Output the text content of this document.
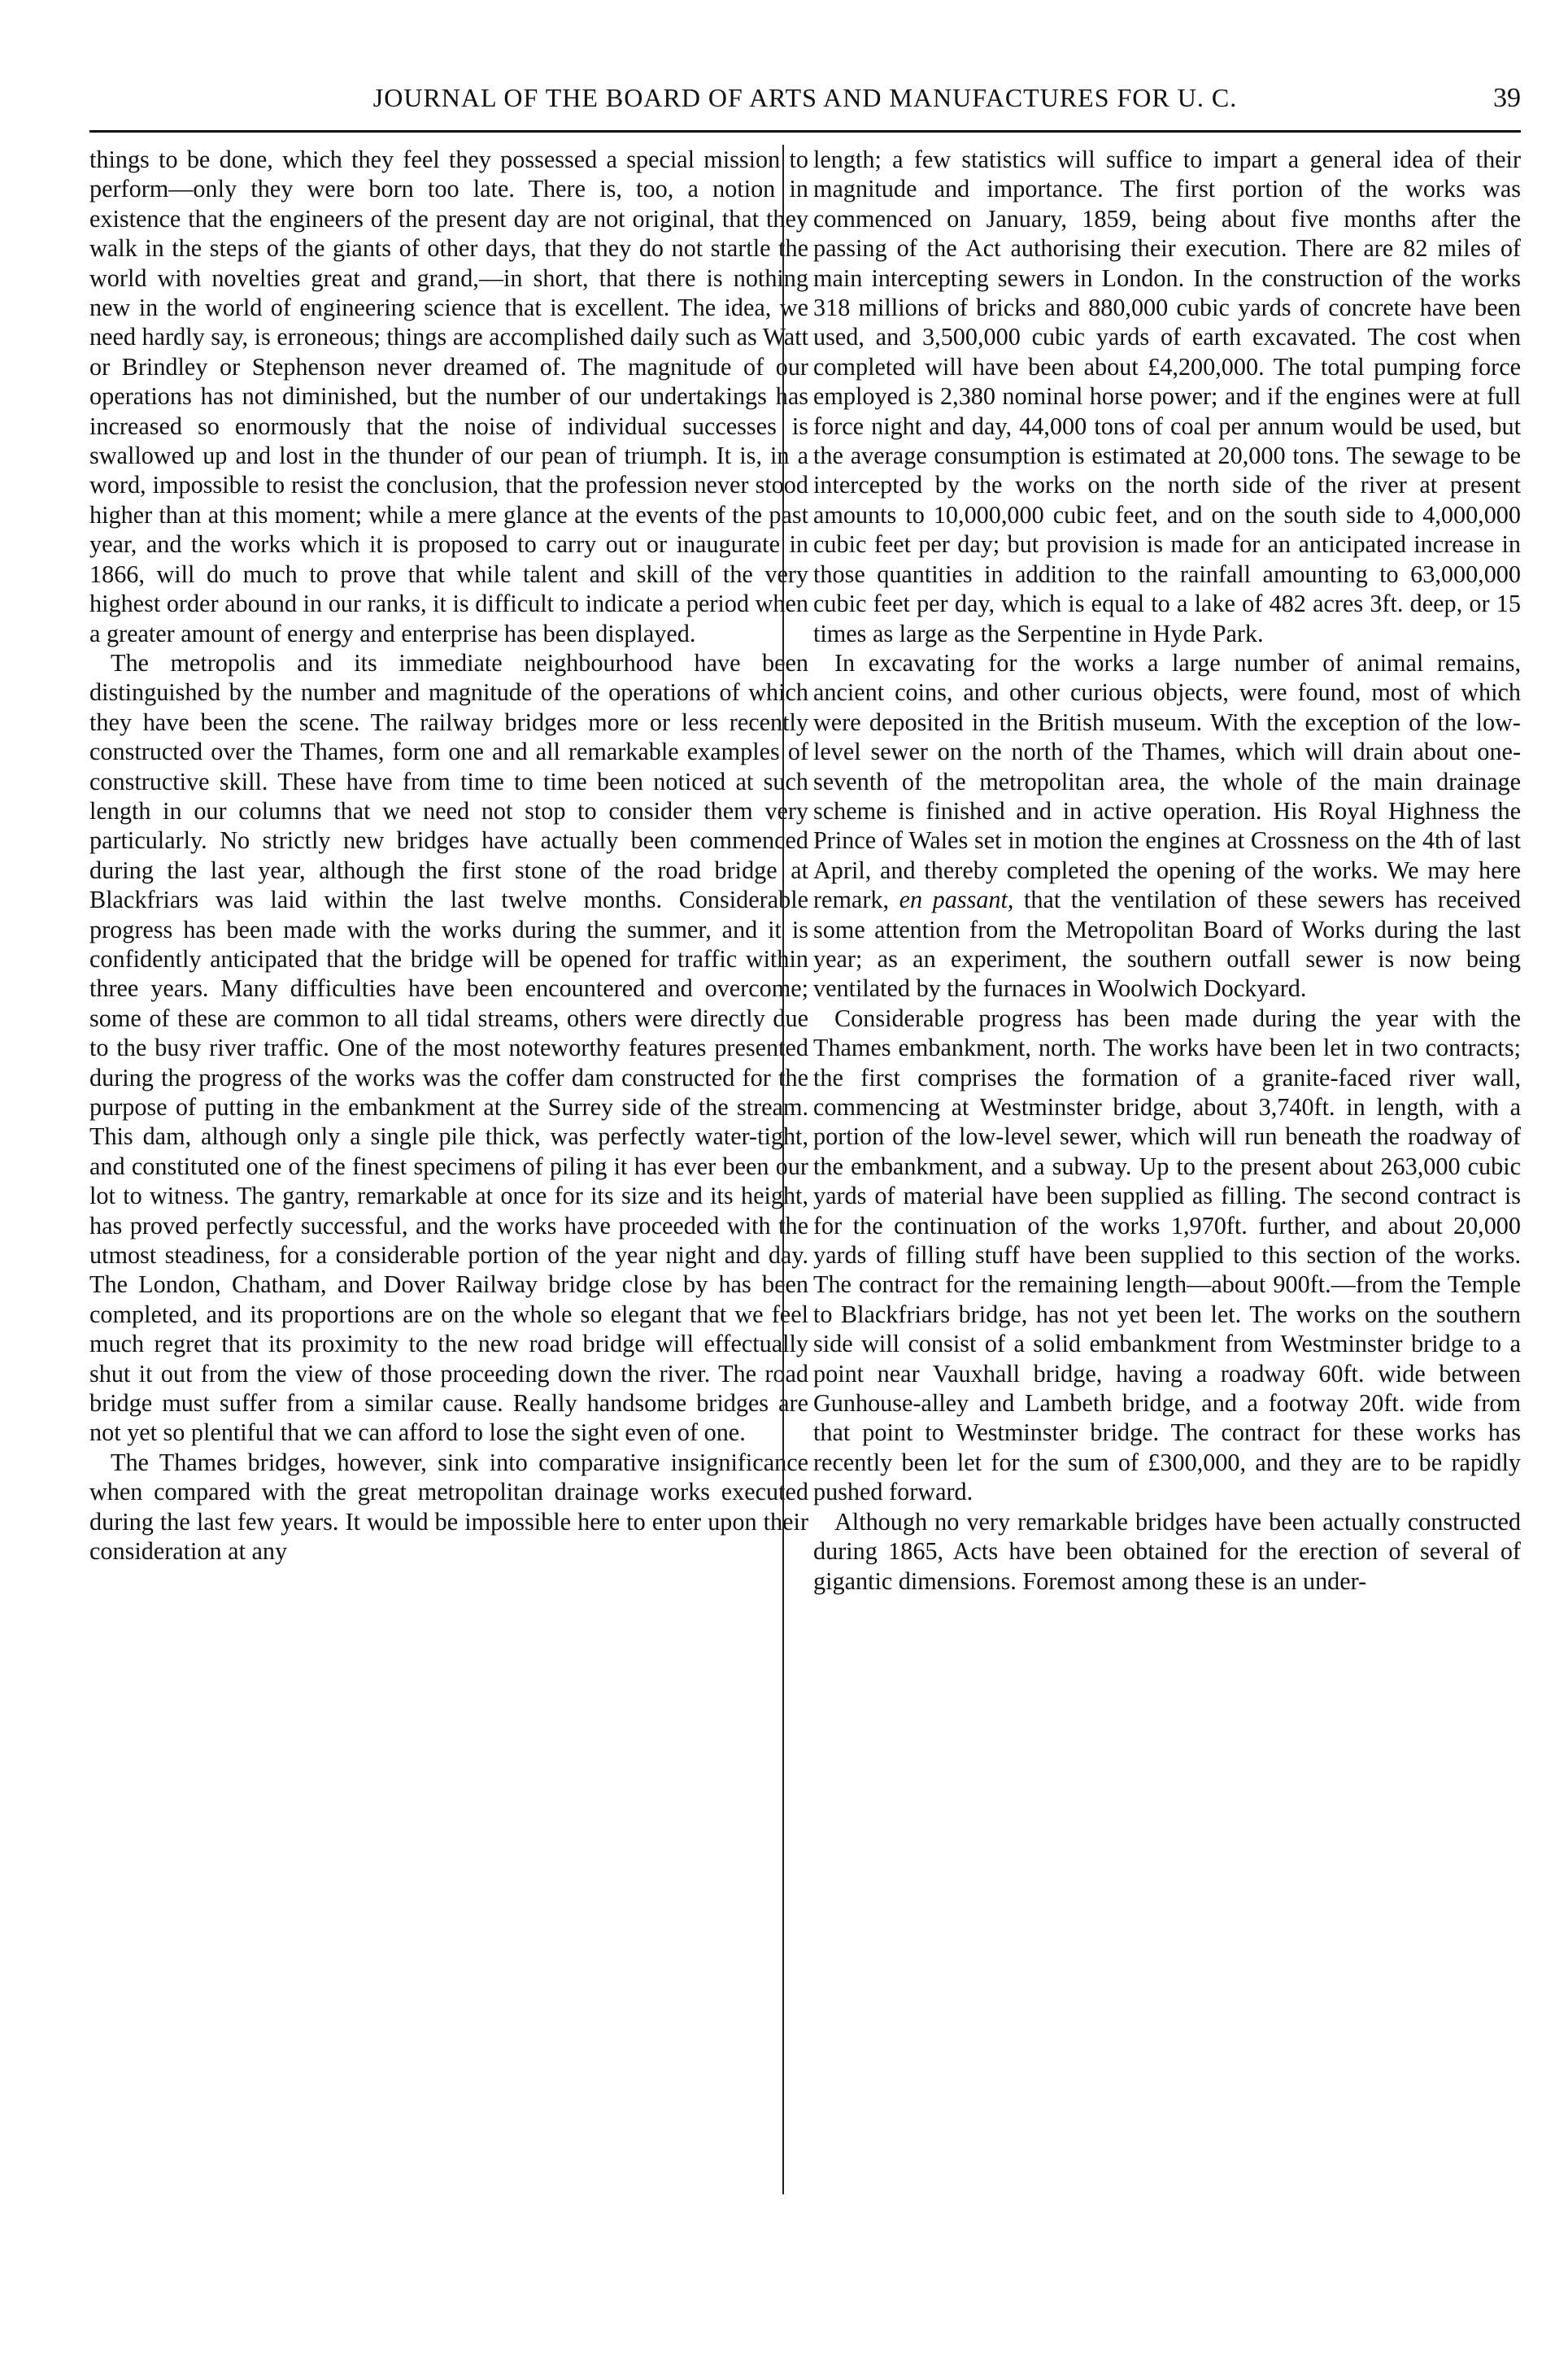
JOURNAL OF THE BOARD OF ARTS AND MANUFACTURES FOR U. C.	39

things to be done, which they feel they possessed a special mission to perform—only they were born too late. There is, too, a notion in existence that the engineers of the present day are not original, that they walk in the steps of the giants of other days, that they do not startle the world with novelties great and grand,—in short, that there is nothing new in the world of engineering science that is excellent. The idea, we need hardly say, is erroneous; things are accomplished daily such as Watt or Brindley or Stephenson never dreamed of. The magnitude of our operations has not diminished, but the number of our undertakings has increased so enormously that the noise of individual successes is swallowed up and lost in the thunder of our pean of triumph. It is, in a word, impossible to resist the conclusion, that the profession never stood higher than at this moment; while a mere glance at the events of the past year, and the works which it is proposed to carry out or inaugurate in 1866, will do much to prove that while talent and skill of the very highest order abound in our ranks, it is difficult to indicate a period when a greater amount of energy and enterprise has been displayed.

The metropolis and its immediate neighbourhood have been distinguished by the number and magnitude of the operations of which they have been the scene. The railway bridges more or less recently constructed over the Thames, form one and all remarkable examples of constructive skill. These have from time to time been noticed at such length in our columns that we need not stop to consider them very particularly. No strictly new bridges have actually been commenced during the last year, although the first stone of the road bridge at Blackfriars was laid within the last twelve months. Considerable progress has been made with the works during the summer, and it is confidently anticipated that the bridge will be opened for traffic within three years. Many difficulties have been encountered and overcome; some of these are common to all tidal streams, others were directly due to the busy river traffic. One of the most noteworthy features presented during the progress of the works was the coffer dam constructed for the purpose of putting in the embankment at the Surrey side of the stream. This dam, although only a single pile thick, was perfectly water-tight, and constituted one of the finest specimens of piling it has ever been our lot to witness. The gantry, remarkable at once for its size and its height, has proved perfectly successful, and the works have proceeded with the utmost steadiness, for a considerable portion of the year night and day. The London, Chatham, and Dover Railway bridge close by has been completed, and its proportions are on the whole so elegant that we feel much regret that its proximity to the new road bridge will effectually shut it out from the view of those proceeding down the river. The road bridge must suffer from a similar cause. Really handsome bridges are not yet so plentiful that we can afford to lose the sight even of one.

The Thames bridges, however, sink into comparative insignificance when compared with the great metropolitan drainage works executed during the last few years. It would be impossible here to enter upon their consideration at any

length; a few statistics will suffice to impart a general idea of their magnitude and importance. The first portion of the works was commenced on January, 1859, being about five months after the passing of the Act authorising their execution. There are 82 miles of main intercepting sewers in London. In the construction of the works 318 millions of bricks and 880,000 cubic yards of concrete have been used, and 3,500,000 cubic yards of earth excavated. The cost when completed will have been about £4,200,000. The total pumping force employed is 2,380 nominal horse power; and if the engines were at full force night and day, 44,000 tons of coal per annum would be used, but the average consumption is estimated at 20,000 tons. The sewage to be intercepted by the works on the north side of the river at present amounts to 10,000,000 cubic feet, and on the south side to 4,000,000 cubic feet per day; but provision is made for an anticipated increase in those quantities in addition to the rainfall amounting to 63,000,000 cubic feet per day, which is equal to a lake of 482 acres 3ft. deep, or 15 times as large as the Serpentine in Hyde Park.

In excavating for the works a large number of animal remains, ancient coins, and other curious objects, were found, most of which were deposited in the British museum. With the exception of the low-level sewer on the north of the Thames, which will drain about one-seventh of the metropolitan area, the whole of the main drainage scheme is finished and in active operation. His Royal Highness the Prince of Wales set in motion the engines at Crossness on the 4th of last April, and thereby completed the opening of the works. We may here remark, en passant, that the ventilation of these sewers has received some attention from the Metropolitan Board of Works during the last year; as an experiment, the southern outfall sewer is now being ventilated by the furnaces in Woolwich Dockyard.

Considerable progress has been made during the year with the Thames embankment, north. The works have been let in two contracts; the first comprises the formation of a granite-faced river wall, commencing at Westminster bridge, about 3,740ft. in length, with a portion of the low-level sewer, which will run beneath the roadway of the embankment, and a subway. Up to the present about 263,000 cubic yards of material have been supplied as filling. The second contract is for the continuation of the works 1,970ft. further, and about 20,000 yards of filling stuff have been supplied to this section of the works. The contract for the remaining length—about 900ft.—from the Temple to Blackfriars bridge, has not yet been let. The works on the southern side will consist of a solid embankment from Westminster bridge to a point near Vauxhall bridge, having a roadway 60ft. wide between Gunhouse-alley and Lambeth bridge, and a footway 20ft. wide from that point to Westminster bridge. The contract for these works has recently been let for the sum of £300,000, and they are to be rapidly pushed forward.

Although no very remarkable bridges have been actually constructed during 1865, Acts have been obtained for the erection of several of gigantic dimensions. Foremost among these is an under-
